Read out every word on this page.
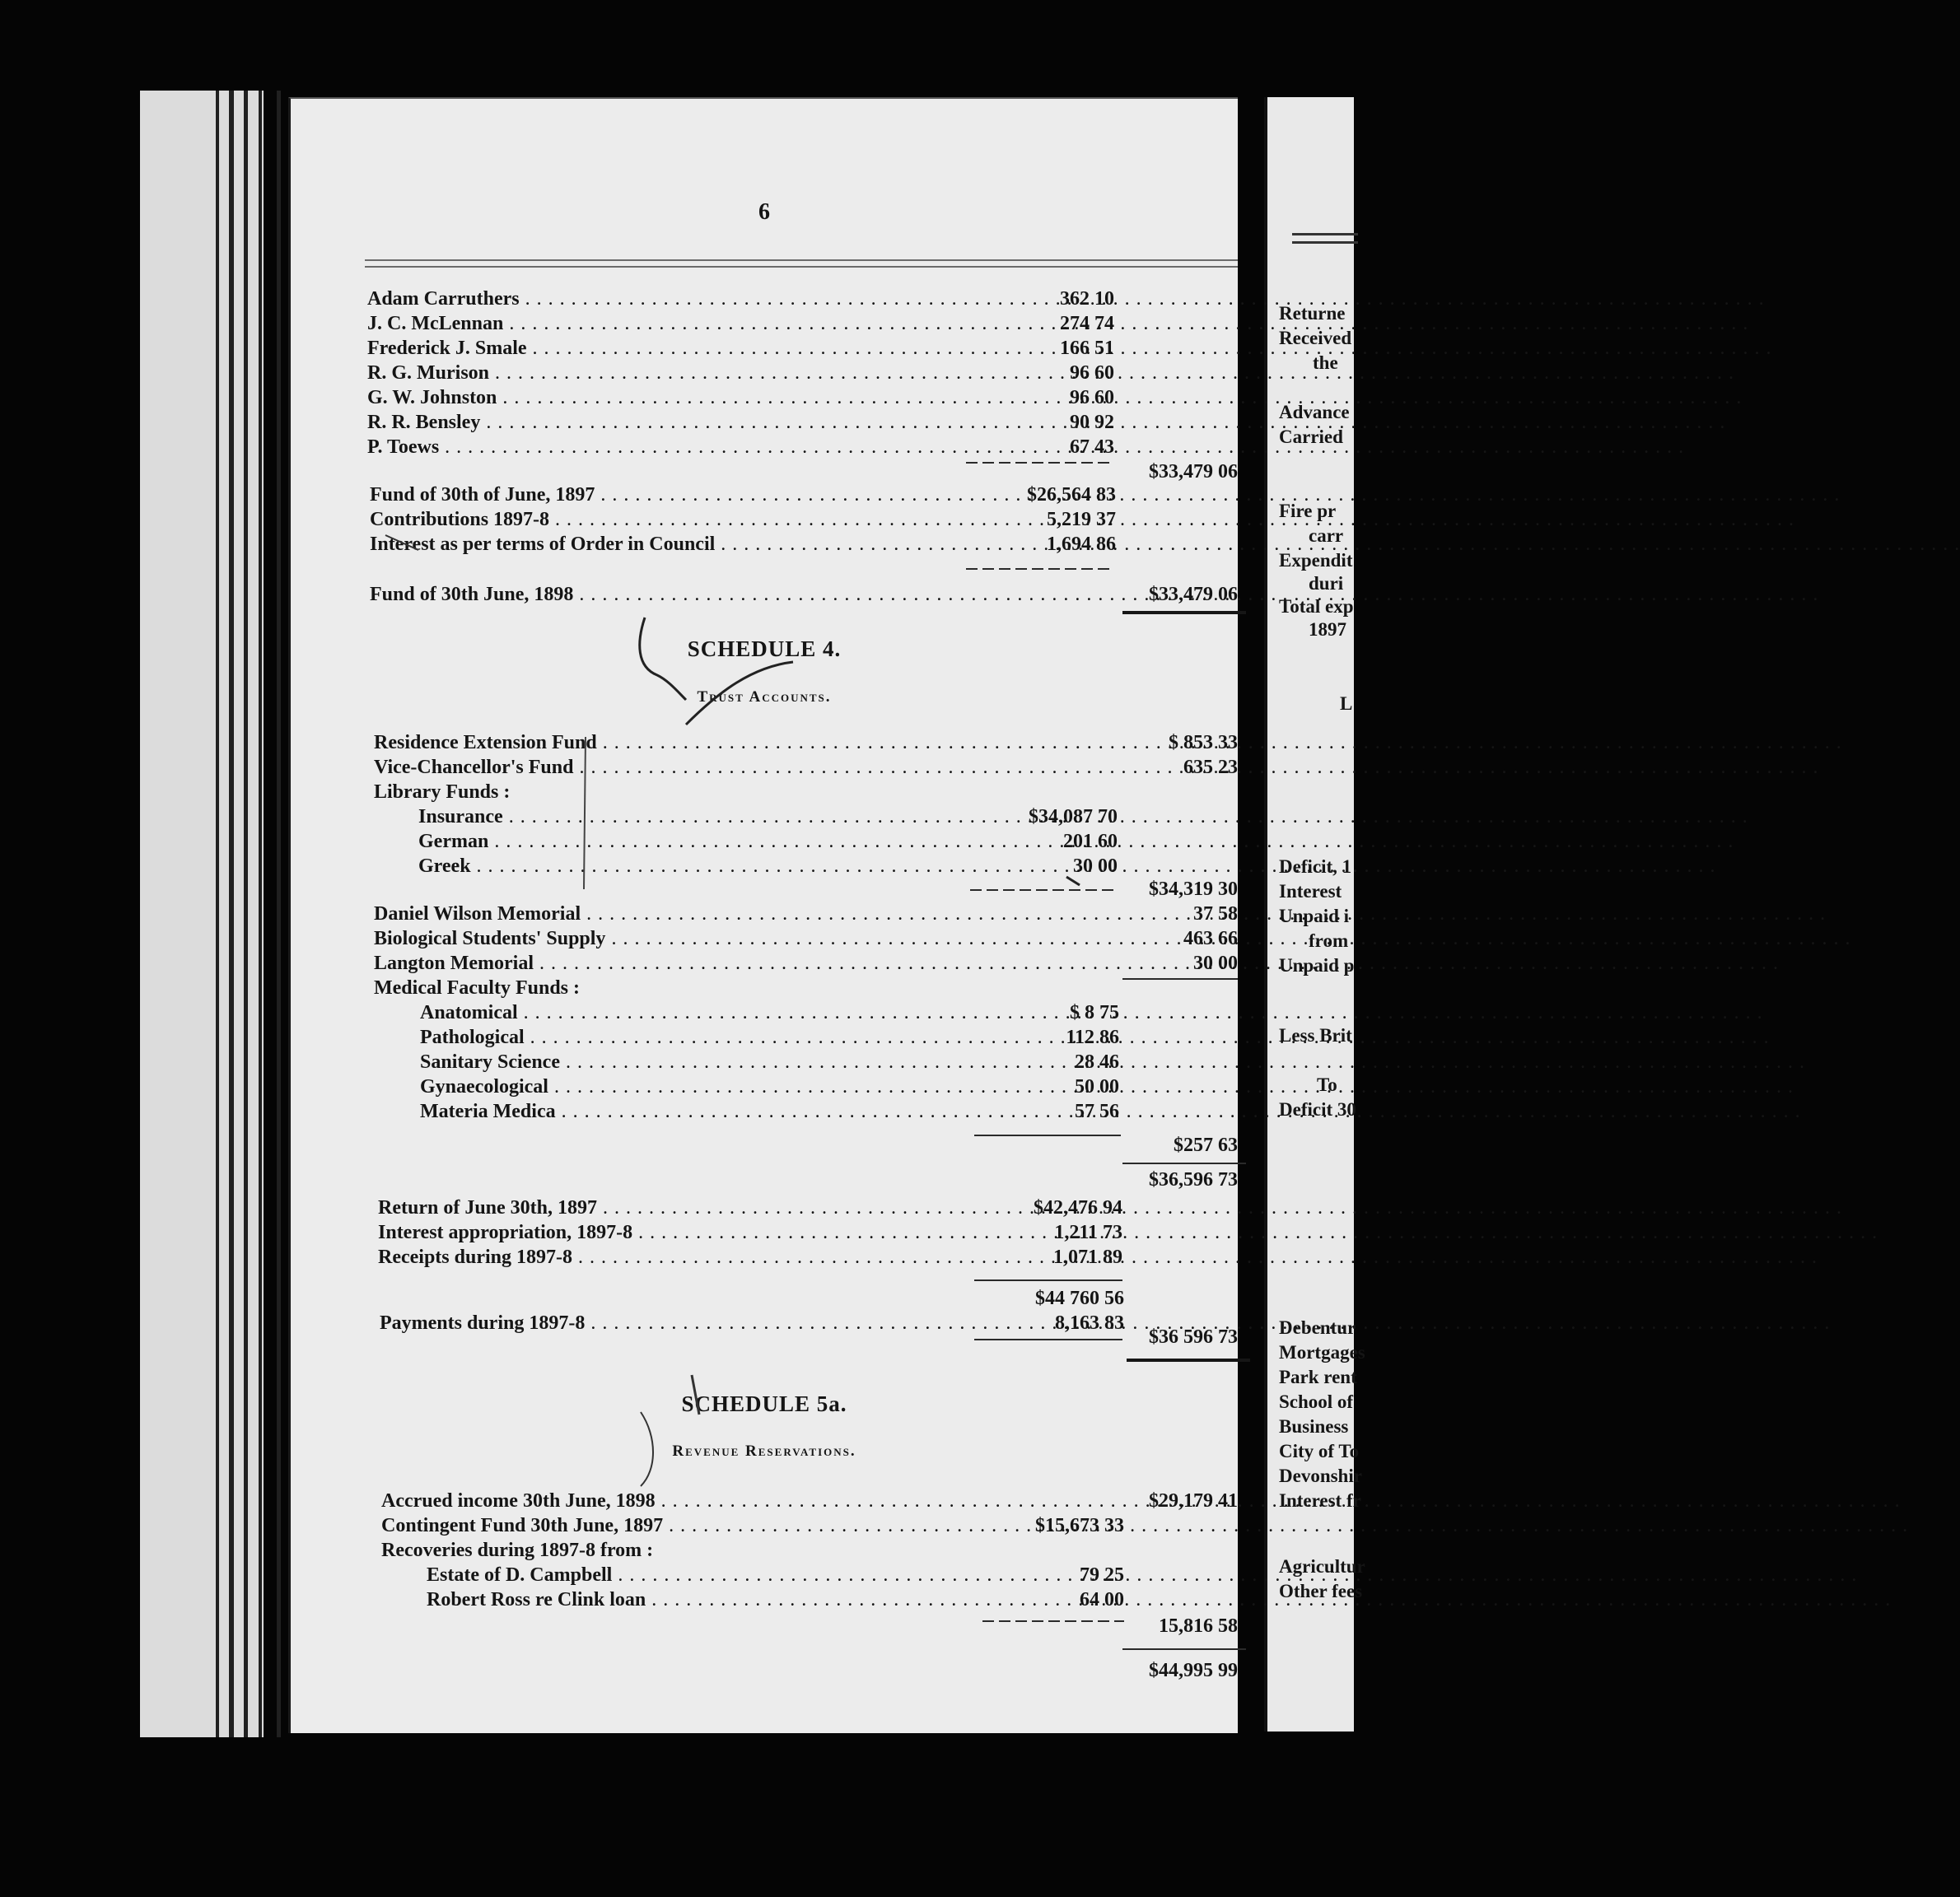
Returne
Received
the
Advance
Carried
Fire pr
carr
Expendit
duri
Total exp
1897
L
Deficit, 1
Interest
Unpaid i
from
Unpaid p
Less Brit
To
Deficit 30
Debentur
Mortgages
Park rent
School of
Business
City of To
Devonshir
Interest fr
Agricultur
Other fees
6
Adam Carruthers . . .	362 10
J. C. McLennan . . .	274 74
Frederick J. Smale . . .	166 51
R. G. Murison . . .	96 60
G. W. Johnston . . .	96 60
R. R. Bensley . . .	90 92
P. Toews . . .	67 43
$33,479 06
Fund of 30th of June, 1897 . . .	$26,564 83
Contributions 1897-8 . . .	5,219 37
Interest as per terms of Order in Council . . .	1,694 86
Fund of 30th June, 1898 . . .	$33,479 06
SCHEDULE 4.
Trust Accounts.
Residence Extension Fund . . .	$ 853 33
Vice-Chancellor's Fund . . .	635 23
Library Funds :
Insurance . . .	$34,087 70
German . . .	201 60
Greek . . .	30 00
$34,319 30
Daniel Wilson Memorial . . .	37 58
Biological Students' Supply . . .	463 66
Langton Memorial . . .	30 00
Medical Faculty Funds :
Anatomical . . .	$ 8 75
Pathological . . .	112 86
Sanitary Science . . .	28 46
Gynaecological . . .	50 00
Materia Medica . . .	57 56
$257 63
$36,596 73
Return of June 30th, 1897 . . .	$42,476 94
Interest appropriation, 1897-8 . . .	1,211 73
Receipts during 1897-8 . . .	1,071 89
$44 760 56
Payments during 1897-8 . . .	8,163 83
$36 596 73
SCHEDULE 5a.
Revenue Reservations.
Accrued income 30th June, 1898 . . .	$29,179 41
Contingent Fund 30th June, 1897 . . .	$15,673 33
Recoveries during 1897-8 from :
Estate of D. Campbell . . .	79 25
Robert Ross re Clink loan . . .	64 00
15,816 58
$44,995 99
